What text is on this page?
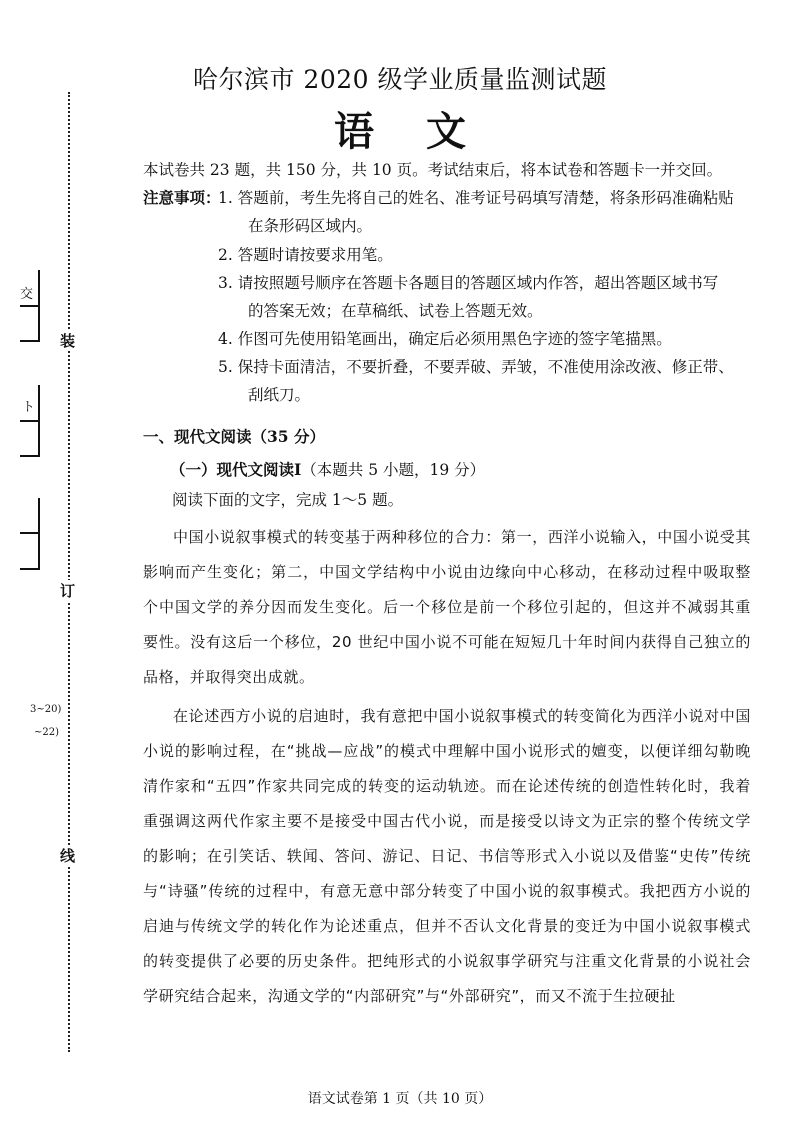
装
订
线
交
ト
3~20)
~22)
哈尔滨市 2020 级学业质量监测试题
语文
本试卷共 23 题，共 150 分，共 10 页。考试结束后，将本试卷和答题卡一并交回。
注意事项：
1. 答题前，考生先将自己的姓名、准考证号码填写清楚，将条形码准确粘贴
在条形码区域内。
2. 答题时请按要求用笔。
3. 请按照题号顺序在答题卡各题目的答题区域内作答，超出答题区域书写
的答案无效；在草稿纸、试卷上答题无效。
4. 作图可先使用铅笔画出，确定后必须用黑色字迹的签字笔描黑。
5. 保持卡面清洁，不要折叠，不要弄破、弄皱，不准使用涂改液、修正带、
刮纸刀。
一、现代文阅读（35 分）
（一）现代文阅读Ⅰ（本题共 5 小题，19 分）
阅读下面的文字，完成 1～5 题。

中国小说叙事模式的转变基于两种移位的合力：第一，西洋小说输入，中国小说受其影响而产生变化；第二，中国文学结构中小说由边缘向中心移动，在移动过程中吸取整个中国文学的养分因而发生变化。后一个移位是前一个移位引起的，但这并不减弱其重要性。没有这后一个移位，20 世纪中国小说不可能在短短几十年时间内获得自己独立的品格，并取得突出成就。

在论述西方小说的启迪时，我有意把中国小说叙事模式的转变简化为西洋小说对中国小说的影响过程，在“挑战—应战”的模式中理解中国小说形式的嬗变，以便详细勾勒晚清作家和“五四”作家共同完成的转变的运动轨迹。而在论述传统的创造性转化时，我着重强调这两代作家主要不是接受中国古代小说，而是接受以诗文为正宗的整个传统文学的影响；在引笑话、轶闻、答问、游记、日记、书信等形式入小说以及借鉴“史传”传统与“诗骚”传统的过程中，有意无意中部分转变了中国小说的叙事模式。我把西方小说的启迪与传统文学的转化作为论述重点，但并不否认文化背景的变迁为中国小说叙事模式的转变提供了必要的历史条件。把纯形式的小说叙事学研究与注重文化背景的小说社会学研究结合起来，沟通文学的“内部研究”与“外部研究”，而又不流于生拉硬扯

语文试卷第 1 页（共 10 页）
